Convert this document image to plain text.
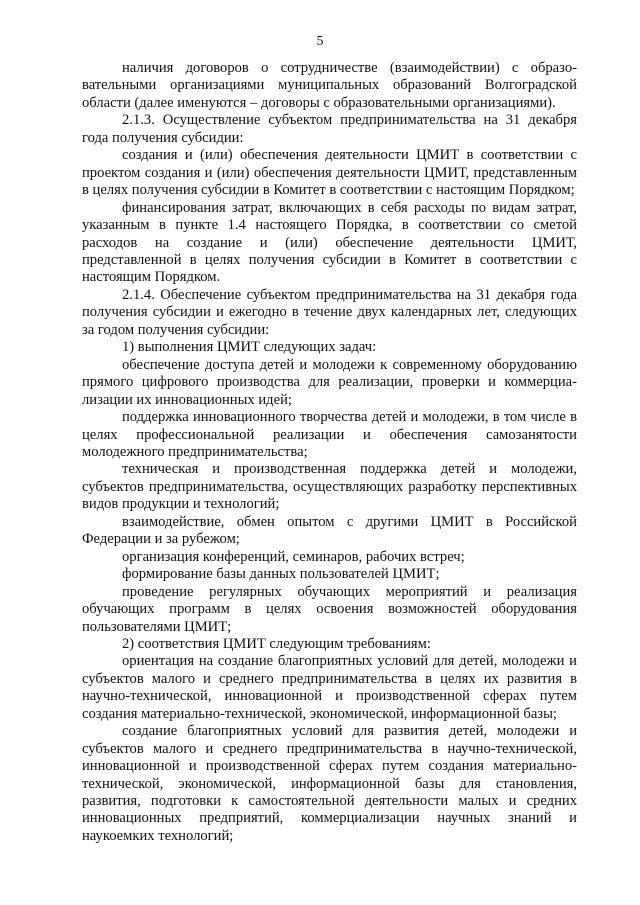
5

наличия договоров о сотрудничестве (взаимодействии) с образовательными организациями муниципальных образований Волгоградской области (далее именуются – договоры с образовательными организациями).

2.1.3. Осуществление субъектом предпринимательства на 31 декабря года получения субсидии:

создания и (или) обеспечения деятельности ЦМИТ в соответствии с проектом создания и (или) обеспечения деятельности ЦМИТ, представленным в целях получения субсидии в Комитет в соответствии с настоящим Порядком;

финансирования затрат, включающих в себя расходы по видам затрат, указанным в пункте 1.4 настоящего Порядка, в соответствии со сметой расходов на создание и (или) обеспечение деятельности ЦМИТ, представленной в целях получения субсидии в Комитет в соответствии с настоящим Порядком.

2.1.4. Обеспечение субъектом предпринимательства на 31 декабря года получения субсидии и ежегодно в течение двух календарных лет, следующих за годом получения субсидии:

1) выполнения ЦМИТ следующих задач:

обеспечение доступа детей и молодежи к современному оборудованию прямого цифрового производства для реализации, проверки и коммерциализации их инновационных идей;

поддержка инновационного творчества детей и молодежи, в том числе в целях профессиональной реализации и обеспечения самозанятости молодежного предпринимательства;

техническая и производственная поддержка детей и молодежи, субъектов предпринимательства, осуществляющих разработку перспективных видов продукции и технологий;

взаимодействие, обмен опытом с другими ЦМИТ в Российской Федерации и за рубежом;

организация конференций, семинаров, рабочих встреч;

формирование базы данных пользователей ЦМИТ;

проведение регулярных обучающих мероприятий и реализация обучающих программ в целях освоения возможностей оборудования пользователями ЦМИТ;

2) соответствия ЦМИТ следующим требованиям:

ориентация на создание благоприятных условий для детей, молодежи и субъектов малого и среднего предпринимательства в целях их развития в научно-технической, инновационной и производственной сферах путем создания материально-технической, экономической, информационной базы;

создание благоприятных условий для развития детей, молодежи и субъектов малого и среднего предпринимательства в научно-технической, инновационной и производственной сферах путем создания материально-технической, экономической, информационной базы для становления, развития, подготовки к самостоятельной деятельности малых и средних инновационных предприятий, коммерциализации научных знаний и наукоемких технологий;
